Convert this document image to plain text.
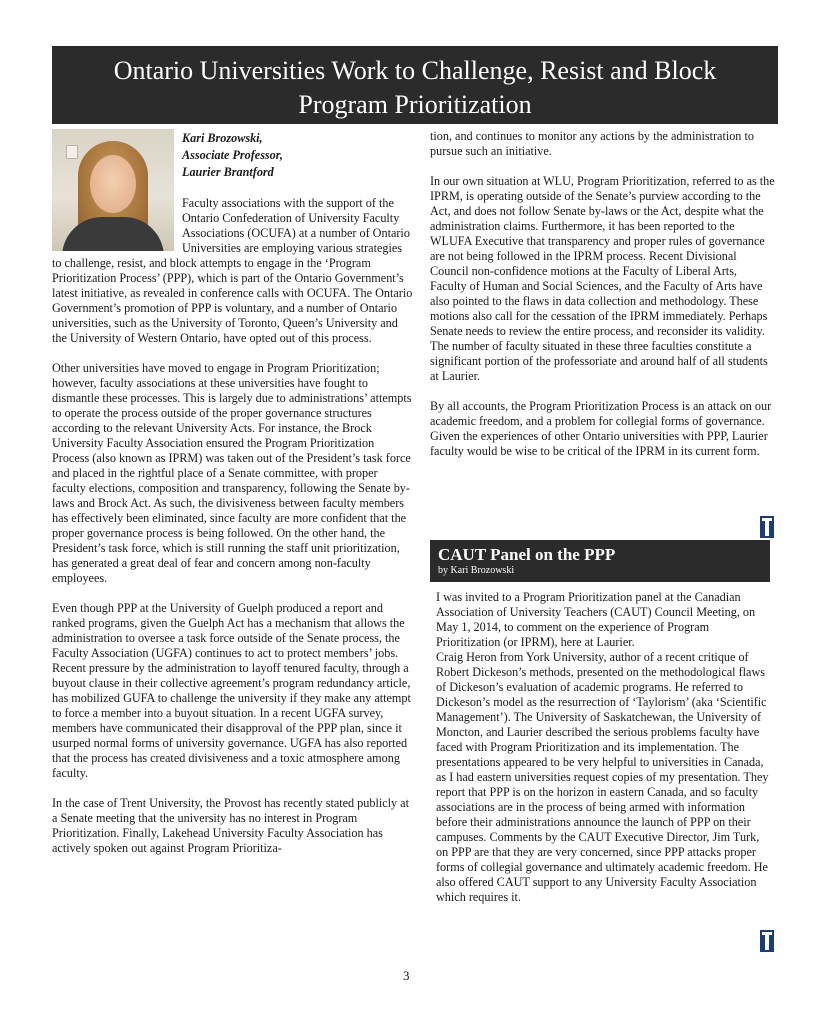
Ontario Universities Work to Challenge, Resist and Block
Program Prioritization
Kari Brozowski,
Associate Professor,
Laurier Brantford

Faculty associations with the support of the Ontario Confederation of University Faculty Associations (OCUFA) at a number of Ontario Universities are employing various strategies to challenge, resist, and block attempts to engage in the ‘Program Prioritization Process’ (PPP), which is part of the Ontario Government’s latest initiative, as revealed in conference calls with OCUFA. The Ontario Government’s promotion of PPP is voluntary, and a number of Ontario universities, such as the University of Toronto, Queen’s University and the University of Western Ontario, have opted out of this process.

Other universities have moved to engage in Program Prioritization; however, faculty associations at these universities have fought to dismantle these processes. This is largely due to administrations’ attempts to operate the process outside of the proper governance structures according to the relevant University Acts. For instance, the Brock University Faculty Association ensured the Program Prioritization Process (also known as IPRM) was taken out of the President’s task force and placed in the rightful place of a Senate committee, with proper faculty elections, composition and transparency, following the Senate by-laws and Brock Act. As such, the divisiveness between faculty members has effectively been eliminated, since faculty are more confident that the proper governance process is being followed. On the other hand, the President’s task force, which is still running the staff unit prioritization, has generated a great deal of fear and concern among non-faculty employees.

Even though PPP at the University of Guelph produced a report and ranked programs, given the Guelph Act has a mechanism that allows the administration to oversee a task force outside of the Senate process, the Faculty Association (UGFA) continues to act to protect members’ jobs. Recent pressure by the administration to layoff tenured faculty, through a buyout clause in their collective agreement’s program redundancy article, has mobilized GUFA to challenge the university if they make any attempt to force a member into a buyout situation. In a recent UGFA survey, members have communicated their disapproval of the PPP plan, since it usurped normal forms of university governance. UGFA has also reported that the process has created divisiveness and a toxic atmosphere among faculty.

In the case of Trent University, the Provost has recently stated publicly at a Senate meeting that the university has no interest in Program Prioritization. Finally, Lakehead University Faculty Association has actively spoken out against Program Prioritiza-

tion, and continues to monitor any actions by the administration to pursue such an initiative.

In our own situation at WLU, Program Prioritization, referred to as the IPRM, is operating outside of the Senate’s purview according to the Act, and does not follow Senate by-laws or the Act, despite what the administration claims. Furthermore, it has been reported to the WLUFA Executive that transparency and proper rules of governance are not being followed in the IPRM process. Recent Divisional Council non-confidence motions at the Faculty of Liberal Arts, Faculty of Human and Social Sciences, and the Faculty of Arts have also pointed to the flaws in data collection and methodology. These motions also call for the cessation of the IPRM immediately. Perhaps Senate needs to review the entire process, and reconsider its validity. The number of faculty situated in these three faculties constitute a significant portion of the professoriate and around half of all students at Laurier.

By all accounts, the Program Prioritization Process is an attack on our academic freedom, and a problem for collegial forms of governance. Given the experiences of other Ontario universities with PPP, Laurier faculty would be wise to be critical of the IPRM in its current form.

CAUT Panel on the PPP
by Kari Brozowski

I was invited to a Program Prioritization panel at the Canadian Association of University Teachers (CAUT) Council Meeting, on May 1, 2014, to comment on the experience of Program Prioritization (or IPRM), here at Laurier.

Craig Heron from York University, author of a recent critique of Robert Dickeson’s methods, presented on the methodological flaws of Dickeson’s evaluation of academic programs. He referred to Dickeson’s model as the resurrection of ‘Taylorism’ (aka ‘Scientific Management’). The University of Saskatchewan, the University of Moncton, and Laurier described the serious problems faculty have faced with Program Prioritization and its implementation. The presentations appeared to be very helpful to universities in Canada, as I had eastern universities request copies of my presentation. They report that PPP is on the horizon in eastern Canada, and so faculty associations are in the process of being armed with information before their administrations announce the launch of PPP on their campuses. Comments by the CAUT Executive Director, Jim Turk, on PPP are that they are very concerned, since PPP attacks proper forms of collegial governance and ultimately academic freedom. He also offered CAUT support to any University Faculty Association which requires it.

3
